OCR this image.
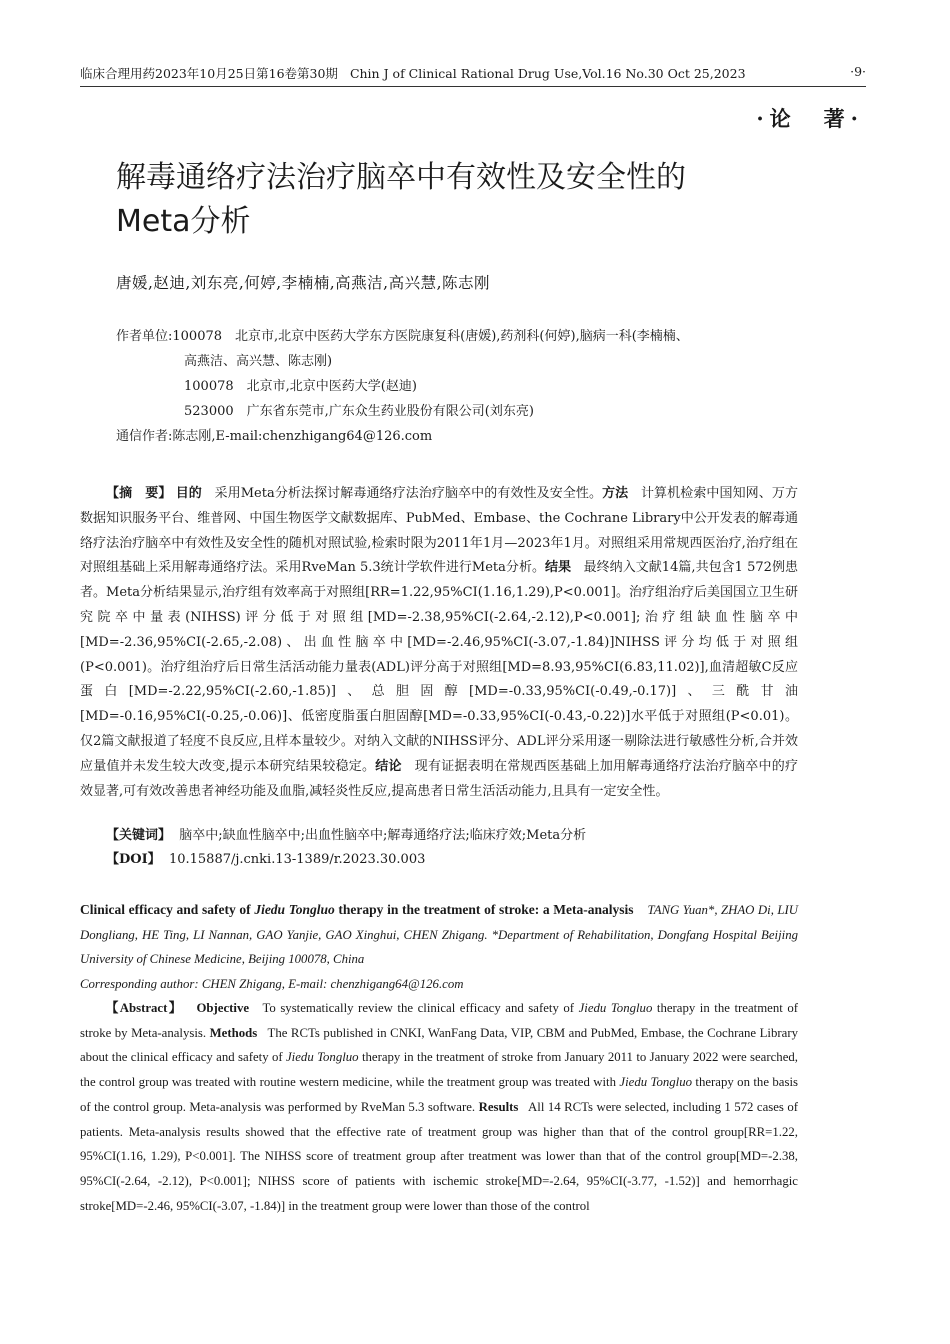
临床合理用药2023年10月25日第16卷第30期 Chin J of Clinical Rational Drug Use,Vol.16 No.30 Oct 25,2023	·9·
·论　著·
解毒通络疗法治疗脑卒中有效性及安全性的
Meta分析
唐媛,赵迪,刘东亮,何婷,李楠楠,高燕洁,高兴慧,陈志刚
作者单位:100078　北京市,北京中医药大学东方医院康复科(唐媛),药剂科(何婷),脑病一科(李楠楠、
高燕洁、高兴慧、陈志刚)
100078　北京市,北京中医药大学(赵迪)
523000　广东省东莞市,广东众生药业股份有限公司(刘东亮)
通信作者:陈志刚,E-mail:chenzhigang64@126.com

【摘　要】 目的 采用Meta分析法探讨解毒通络疗法治疗脑卒中的有效性及安全性。方法 计算机检索中国知网、万方数据知识服务平台、维普网、中国生物医学文献数据库、PubMed、Embase、the Cochrane Library中公开发表的解毒通络疗法治疗脑卒中有效性及安全性的随机对照试验,检索时限为2011年1月—2023年1月。对照组采用常规西医治疗,治疗组在对照组基础上采用解毒通络疗法。采用RveMan 5.3统计学软件进行Meta分析。结果 最终纳入文献14篇,共包含1 572例患者。Meta分析结果显示,治疗组有效率高于对照组[RR=1.22,95%CI(1.16,1.29),P<0.001]。治疗组治疗后美国国立卫生研究院卒中量表(NIHSS)评分低于对照组[MD=-2.38,95%CI(-2.64,-2.12),P<0.001];治疗组缺血性脑卒中[MD=-2.36,95%CI(-2.65,-2.08)、出血性脑卒中[MD=-2.46,95%CI(-3.07,-1.84)]NIHSS评分均低于对照组(P<0.001)。治疗组治疗后日常生活活动能力量表(ADL)评分高于对照组[MD=8.93,95%CI(6.83,11.02)],血清超敏C反应蛋白[MD=-2.22,95%CI(-2.60,-1.85)]、总胆固醇[MD=-0.33,95%CI(-0.49,-0.17)]、三酰甘油[MD=-0.16,95%CI(-0.25,-0.06)]、低密度脂蛋白胆固醇[MD=-0.33,95%CI(-0.43,-0.22)]水平低于对照组(P<0.01)。仅2篇文献报道了轻度不良反应,且样本量较少。对纳入文献的NIHSS评分、ADL评分采用逐一剔除法进行敏感性分析,合并效应量值并未发生较大改变,提示本研究结果较稳定。结论 现有证据表明在常规西医基础上加用解毒通络疗法治疗脑卒中的疗效显著,可有效改善患者神经功能及血脂,减轻炎性反应,提高患者日常生活活动能力,且具有一定安全性。

【关键词】 脑卒中;缺血性脑卒中;出血性脑卒中;解毒通络疗法;临床疗效;Meta分析
【DOI】 10.15887/j.cnki.13-1389/r.2023.30.003
Clinical efficacy and safety of Jiedu Tongluo therapy in the treatment of stroke: a Meta-analysis TANG Yuan*, ZHAO Di, LIU Dongliang, HE Ting, LI Nannan, GAO Yanjie, GAO Xinghui, CHEN Zhigang. *Department of Rehabilitation, Dongfang Hospital Beijing University of Chinese Medicine, Beijing 100078, China
Corresponding author: CHEN Zhigang, E-mail: chenzhigang64@126.com

【Abstract】 Objective To systematically review the clinical efficacy and safety of Jiedu Tongluo therapy in the treatment of stroke by Meta-analysis. Methods The RCTs published in CNKI, WanFang Data, VIP, CBM and PubMed, Embase, the Cochrane Library about the clinical efficacy and safety of Jiedu Tongluo therapy in the treatment of stroke from January 2011 to January 2022 were searched, the control group was treated with routine western medicine, while the treatment group was treated with Jiedu Tongluo therapy on the basis of the control group. Meta-analysis was performed by RveMan 5.3 software. Results All 14 RCTs were selected, including 1 572 cases of patients. Meta-analysis results showed that the effective rate of treatment group was higher than that of the control group[RR=1.22, 95%CI(1.16, 1.29), P<0.001]. The NIHSS score of treatment group after treatment was lower than that of the control group[MD=-2.38, 95%CI(-2.64, -2.12), P<0.001]; NIHSS score of patients with ischemic stroke[MD=-2.64, 95%CI(-3.77, -1.52)] and hemorrhagic stroke[MD=-2.46, 95%CI(-3.07, -1.84)] in the treatment group were lower than those of the control
